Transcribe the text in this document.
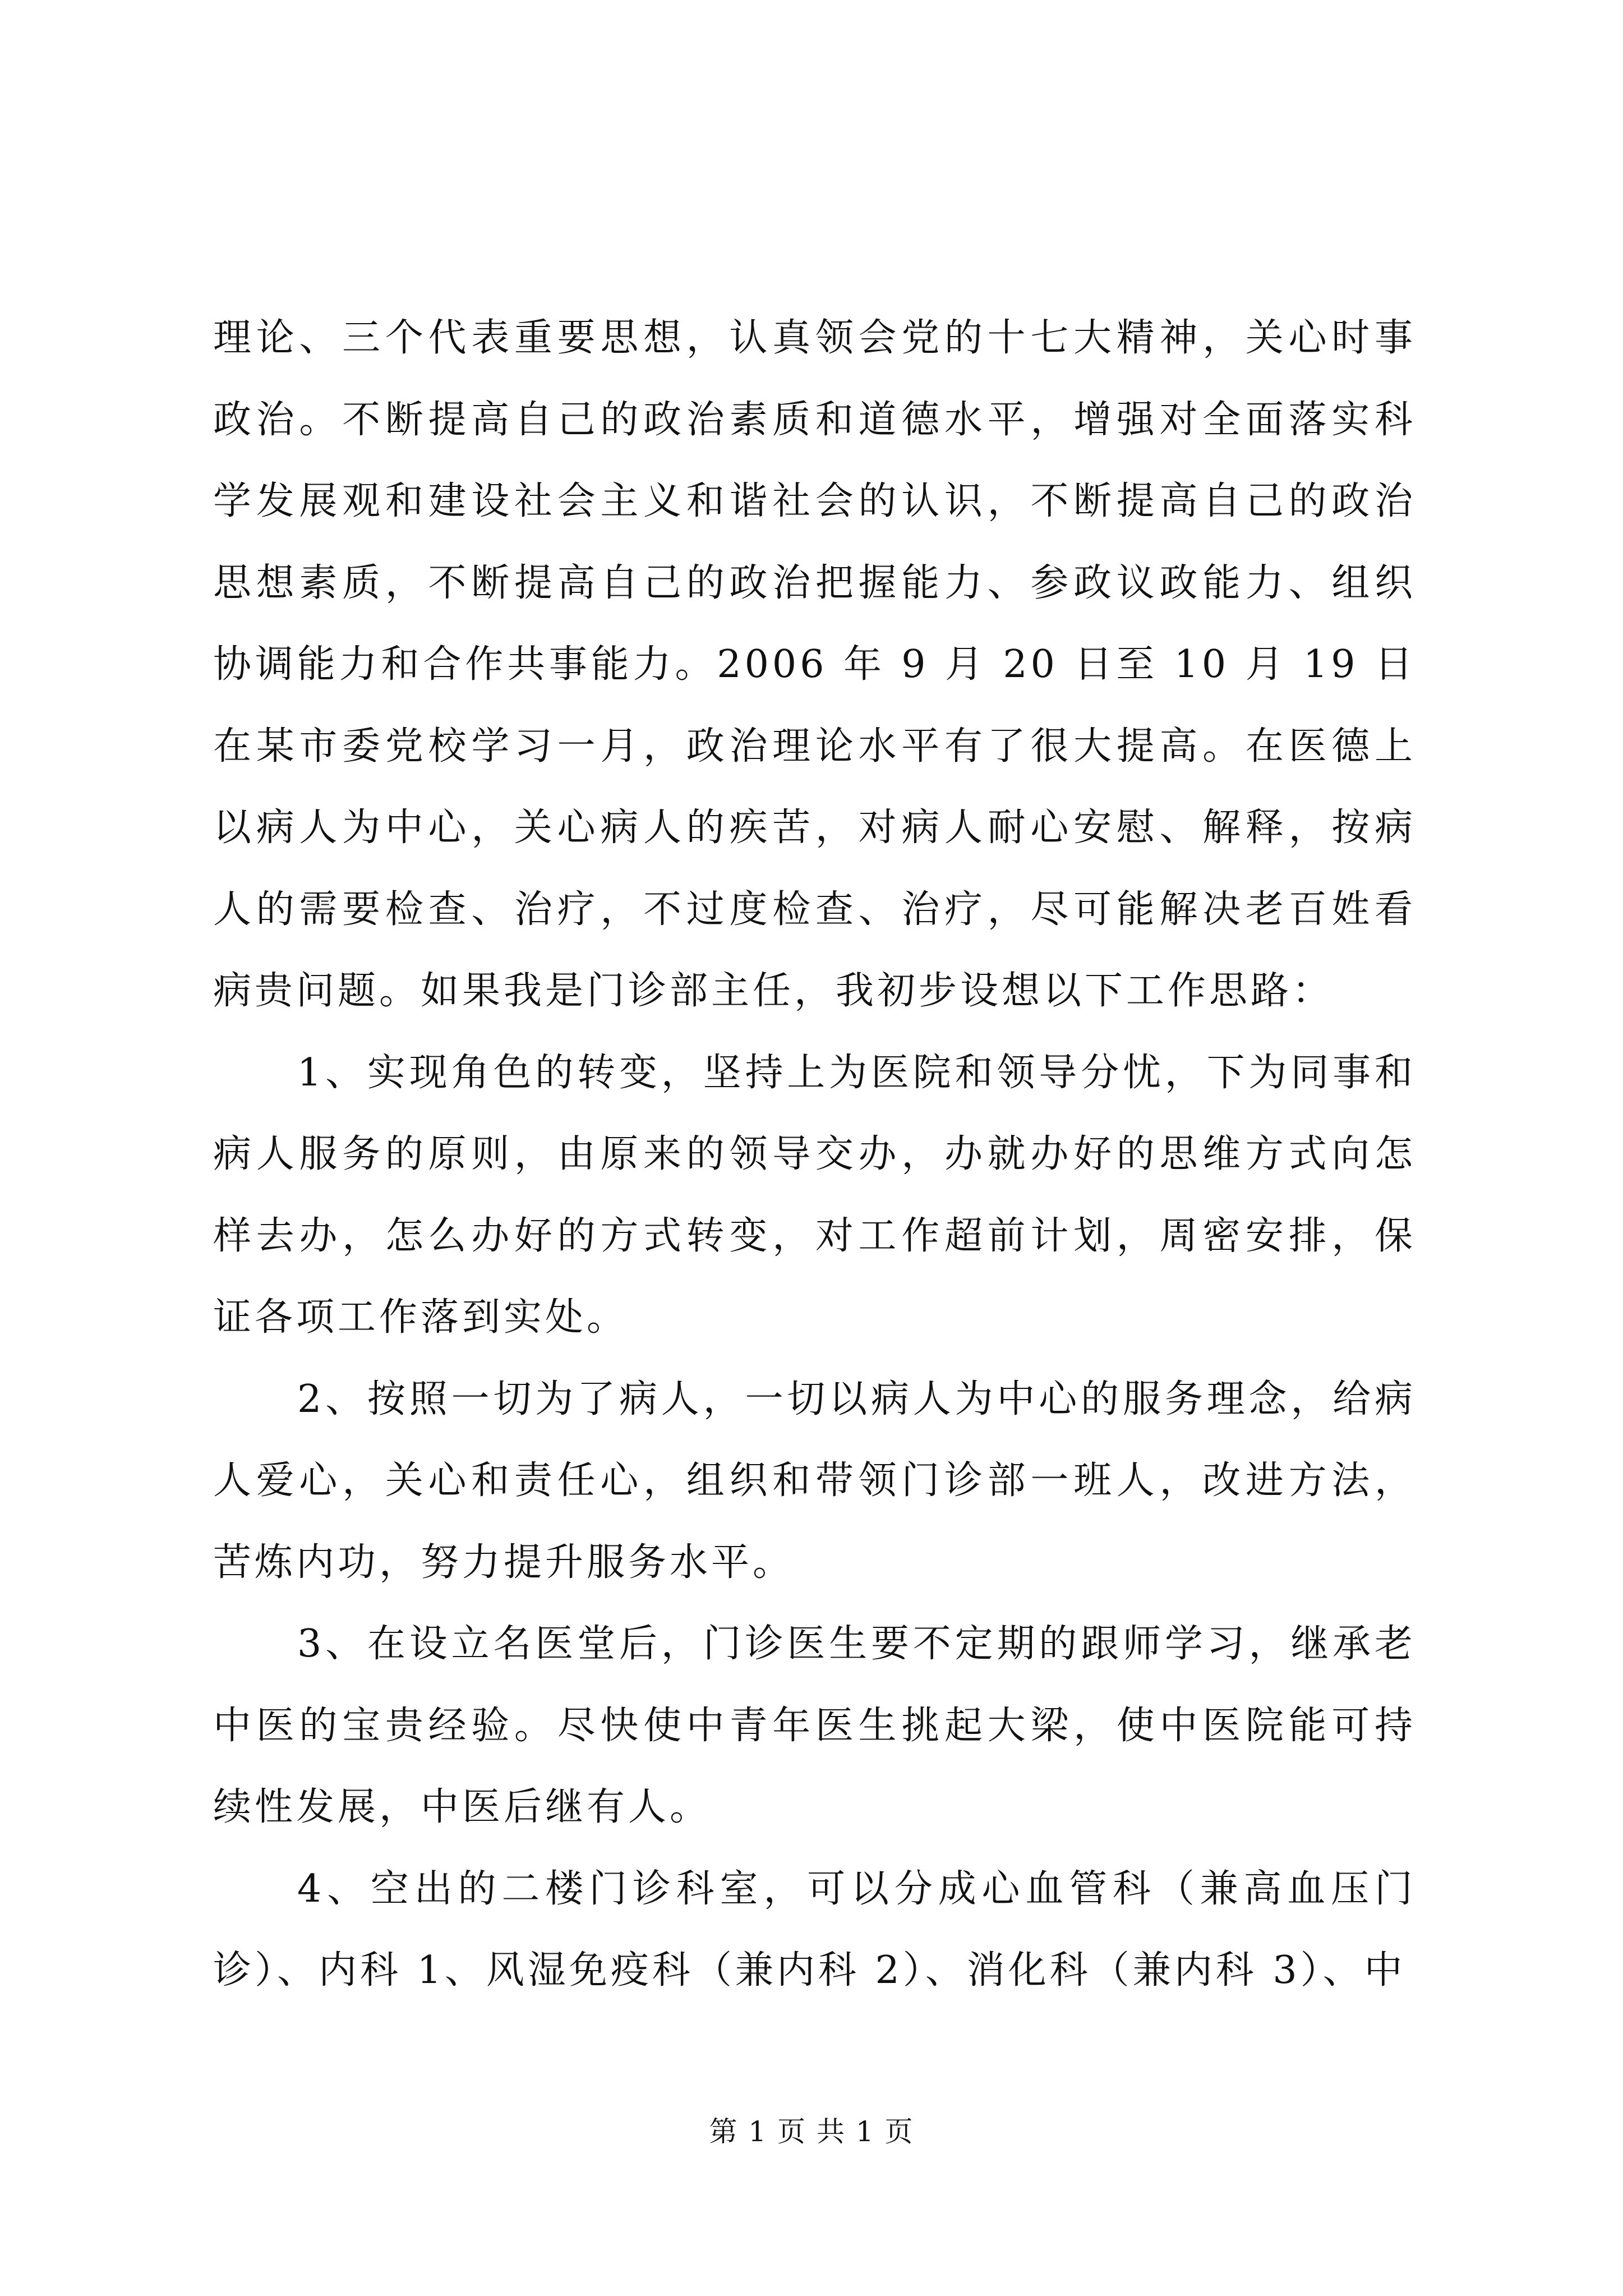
理论、三个代表重要思想，认真领会党的十七大精神，关心时事政治。不断提高自己的政治素质和道德水平，增强对全面落实科学发展观和建设社会主义和谐社会的认识，不断提高自己的政治思想素质，不断提高自己的政治把握能力、参政议政能力、组织协调能力和合作共事能力。2006 年 9 月 20 日至 10 月 19 日在某市委党校学习一月，政治理论水平有了很大提高。在医德上以病人为中心，关心病人的疾苦，对病人耐心安慰、解释，按病人的需要检查、治疗，不过度检查、治疗，尽可能解决老百姓看病贵问题。如果我是门诊部主任，我初步设想以下工作思路：

1、实现角色的转变，坚持上为医院和领导分忧，下为同事和病人服务的原则，由原来的领导交办，办就办好的思维方式向怎样去办，怎么办好的方式转变，对工作超前计划，周密安排，保证各项工作落到实处。

2、按照一切为了病人，一切以病人为中心的服务理念，给病人爱心，关心和责任心，组织和带领门诊部一班人，改进方法，苦炼内功，努力提升服务水平。

3、在设立名医堂后，门诊医生要不定期的跟师学习，继承老中医的宝贵经验。尽快使中青年医生挑起大梁，使中医院能可持续性发展，中医后继有人。

4、空出的二楼门诊科室，可以分成心血管科（兼高血压门诊）、内科 1、风湿免疫科（兼内科 2）、消化科（兼内科 3）、中

第 1 页 共 1 页
